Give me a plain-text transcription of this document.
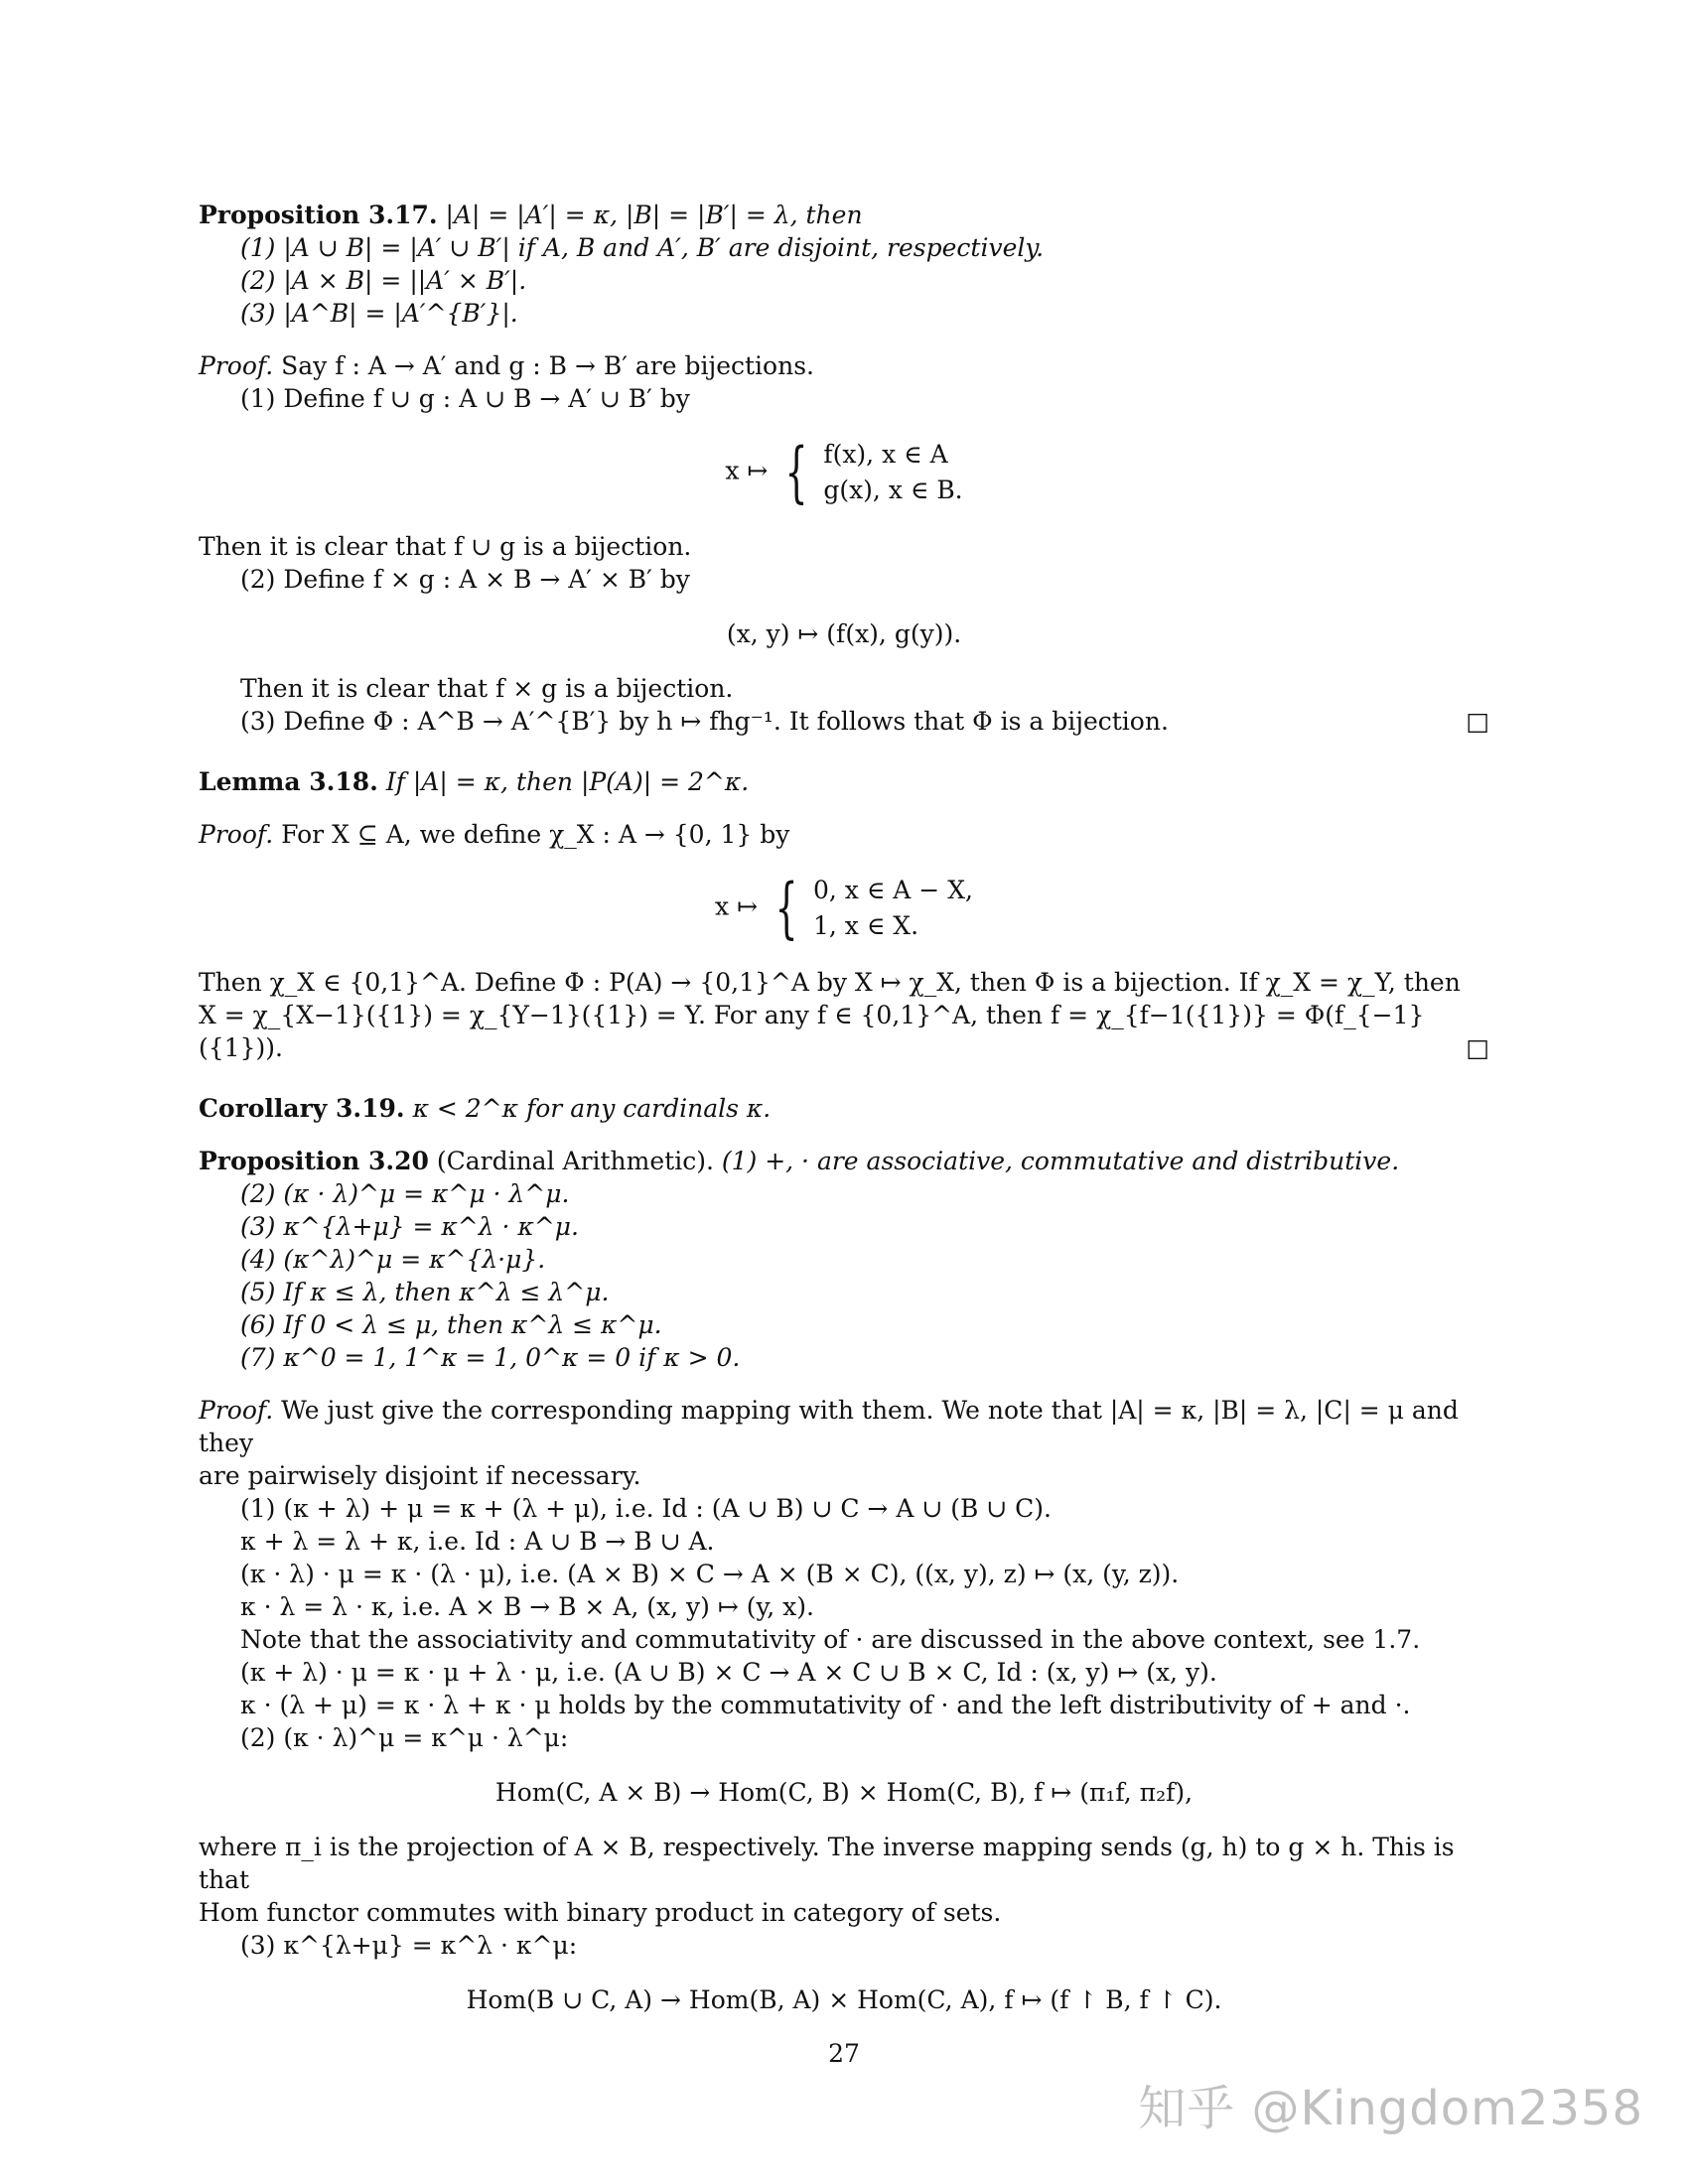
Proposition 3.17. |A| = |A′| = κ, |B| = |B′| = λ, then

(1) |A ∪ B| = |A′ ∪ B′| if A, B and A′, B′ are disjoint, respectively.

(2) |A × B| = ||A′ × B′|.

(3) |A^B| = |A′^{B′}|.

Proof. Say f : A → A′ and g : B → B′ are bijections.

(1) Define f ∪ g : A ∪ B → A′ ∪ B′ by

x ↦ { f(x), x ∈ A
g(x), x ∈ B.

Then it is clear that f ∪ g is a bijection.

(2) Define f × g : A × B → A′ × B′ by

(x, y) ↦ (f(x), g(y)).

Then it is clear that f × g is a bijection.

(3) Define Φ : A^B → A′^{B′} by h ↦ fhg⁻¹. It follows that Φ is a bijection.	□

Lemma 3.18. If |A| = κ, then |P(A)| = 2^κ.

Proof. For X ⊆ A, we define χ_X : A → {0, 1} by

x ↦ { 0, x ∈ A − X,
1, x ∈ X.

Then χ_X ∈ {0,1}^A. Define Φ : P(A) → {0,1}^A by X ↦ χ_X, then Φ is a bijection. If χ_X = χ_Y, then

X = χ_{X−1}({1}) = χ_{Y−1}({1}) = Y. For any f ∈ {0,1}^A, then f = χ_{f−1({1})} = Φ(f_{−1}({1})).	□

Corollary 3.19. κ < 2^κ for any cardinals κ.

Proposition 3.20 (Cardinal Arithmetic). (1) +, · are associative, commutative and distributive.

(2) (κ · λ)^μ = κ^μ · λ^μ.

(3) κ^{λ+μ} = κ^λ · κ^μ.

(4) (κ^λ)^μ = κ^{λ·μ}.

(5) If κ ≤ λ, then κ^λ ≤ λ^μ.

(6) If 0 < λ ≤ μ, then κ^λ ≤ κ^μ.

(7) κ^0 = 1, 1^κ = 1, 0^κ = 0 if κ > 0.

Proof. We just give the corresponding mapping with them. We note that |A| = κ, |B| = λ, |C| = μ and they

are pairwisely disjoint if necessary.

(1) (κ + λ) + μ = κ + (λ + μ), i.e. Id : (A ∪ B) ∪ C → A ∪ (B ∪ C).

κ + λ = λ + κ, i.e. Id : A ∪ B → B ∪ A.

(κ · λ) · μ = κ · (λ · μ), i.e. (A × B) × C → A × (B × C), ((x, y), z) ↦ (x, (y, z)).

κ · λ = λ · κ, i.e. A × B → B × A, (x, y) ↦ (y, x).

Note that the associativity and commutativity of · are discussed in the above context, see 1.7.

(κ + λ) · μ = κ · μ + λ · μ, i.e. (A ∪ B) × C → A × C ∪ B × C, Id : (x, y) ↦ (x, y).

κ · (λ + μ) = κ · λ + κ · μ holds by the commutativity of · and the left distributivity of + and ·.

(2) (κ · λ)^μ = κ^μ · λ^μ:

Hom(C, A × B) → Hom(C, B) × Hom(C, B), f ↦ (π₁f, π₂f),

where π_i is the projection of A × B, respectively. The inverse mapping sends (g, h) to g × h. This is that

Hom functor commutes with binary product in category of sets.

(3) κ^{λ+μ} = κ^λ · κ^μ:

Hom(B ∪ C, A) → Hom(B, A) × Hom(C, A), f ↦ (f ↾ B, f ↾ C).
27
知乎 @Kingdom2358
